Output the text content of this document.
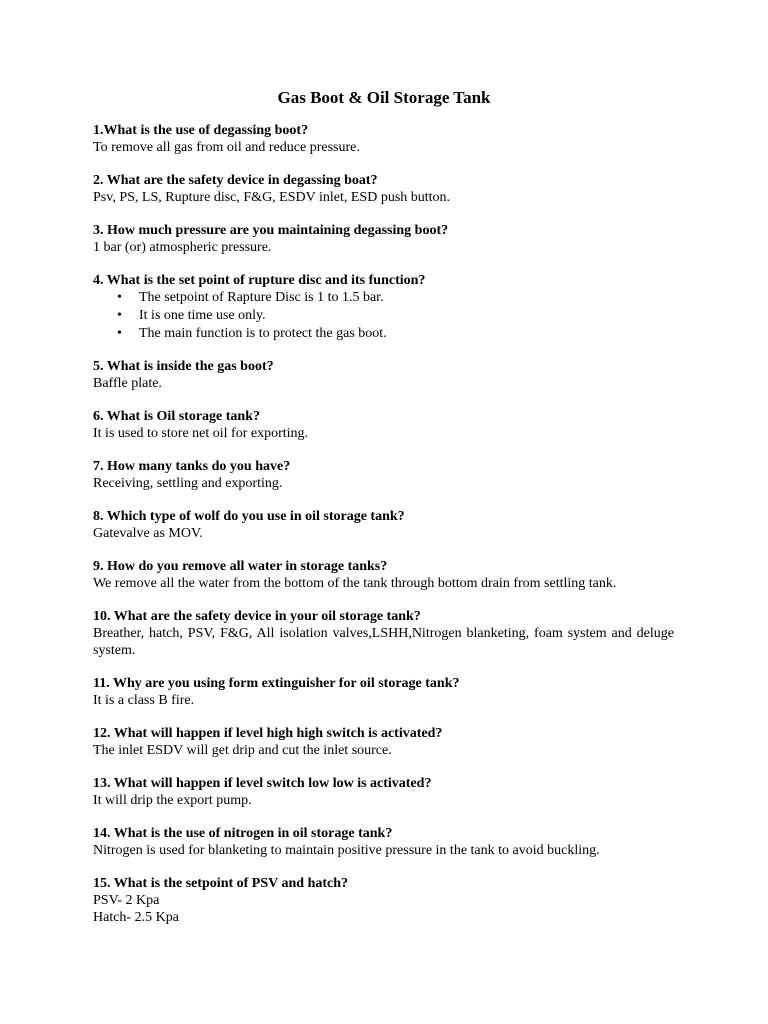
Gas Boot & Oil Storage Tank

1.What is the use of degassing boot?

To remove all gas from oil and reduce pressure.

2. What are the safety device in degassing boat?

Psv, PS, LS, Rupture disc, F&G, ESDV inlet, ESD push button.

3. How much pressure are you maintaining degassing boot?

1 bar (or) atmospheric pressure.

4. What is the set point of rupture disc and its function?

• The setpoint of Rapture Disc is 1 to 1.5 bar.
• It is one time use only.
• The main function is to protect the gas boot.

5. What is inside the gas boot?

Baffle plate.

6. What is Oil storage tank?

It is used to store net oil for exporting.

7. How many tanks do you have?

Receiving, settling and exporting.

8. Which type of wolf do you use in oil storage tank?

Gatevalve as MOV.

9. How do you remove all water in storage tanks?

We remove all the water from the bottom of the tank through bottom drain from settling tank.

10. What are the safety device in your oil storage tank?

Breather, hatch, PSV, F&G, All isolation valves,LSHH,Nitrogen blanketing, foam system and deluge system.

11. Why are you using form extinguisher for oil storage tank?

It is a class B fire.

12. What will happen if level high high switch is activated?

The inlet ESDV will get drip and cut the inlet source.

13. What will happen if level switch low low is activated?

It will drip the export pump.

14. What is the use of nitrogen in oil storage tank?

Nitrogen is used for blanketing to maintain positive pressure in the tank to avoid buckling.

15. What is the setpoint of PSV and hatch?

PSV- 2 Kpa

Hatch- 2.5 Kpa
